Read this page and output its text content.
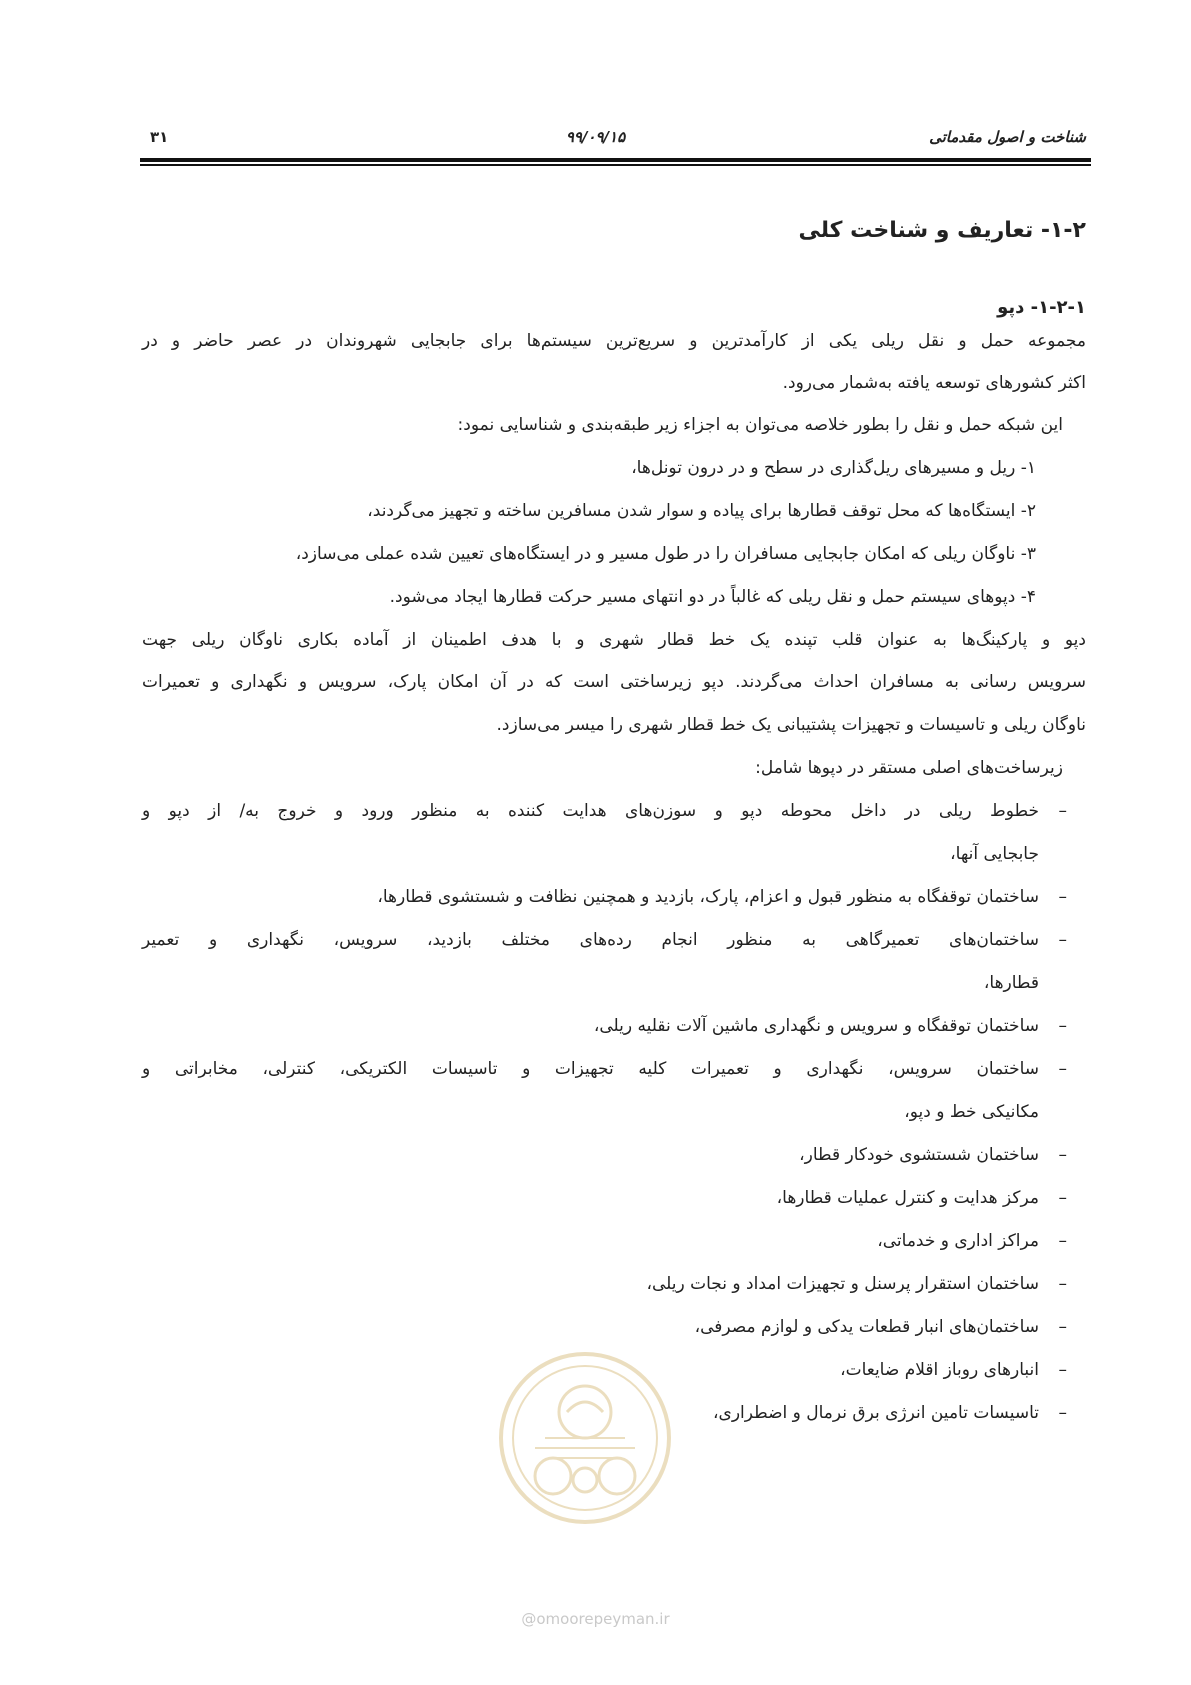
شناخت و اصول مقدماتی
۹۹/۰۹/۱۵
۳۱
۱-۲- تعاریف و شناخت کلی
۱-۲-۱- دپو
مجموعه حمل و نقل ریلی یکی از کارآمدترین و سریع‌ترین سیستم‌ها برای جابجایی شهروندان در عصر حاضر و در
اکثر کشورهای توسعه یافته به‌شمار می‌رود.
این شبکه حمل و نقل را بطور خلاصه می‌توان به اجزاء زیر طبقه‌بندی و شناسایی نمود:
۱- ریل و مسیرهای ریل‌گذاری در سطح و در درون تونل‌ها،
۲- ایستگاه‌ها که محل توقف قطارها برای پیاده و سوار شدن مسافرین ساخته و تجهیز می‌گردند،
۳- ناوگان ریلی که امکان جابجایی مسافران را در طول مسیر و در ایستگاه‌های تعیین شده عملی می‌سازد،
۴- دپوهای سیستم حمل و نقل ریلی که غالباً در دو انتهای مسیر حرکت قطارها ایجاد می‌شود.
دپو و پارکینگ‌ها به عنوان قلب تپنده یک خط قطار شهری و با هدف اطمینان از آماده بکاری ناوگان ریلی جهت
سرویس رسانی به مسافران احداث می‌گردند. دپو زیرساختی است که در آن امکان پارک، سرویس و نگهداری و تعمیرات
ناوگان ریلی و تاسیسات و تجهیزات پشتیبانی یک خط قطار شهری را میسر می‌سازد.
زیرساخت‌های اصلی مستقر در دپوها شامل:
–
خطوط ریلی در داخل محوطه دپو و سوزن‌های هدایت کننده به منظور ورود و خروج به/ از دپو و
جابجایی آنها،
–
ساختمان توقفگاه به منظور قبول و اعزام، پارک، بازدید و همچنین نظافت و شستشوی قطارها،
–
ساختمان‌های تعمیرگاهی به منظور انجام رده‌های مختلف بازدید، سرویس، نگهداری و تعمیر
قطارها،
–
ساختمان توقفگاه و سرویس و نگهداری ماشین آلات نقلیه ریلی،
–
ساختمان سرویس، نگهداری و تعمیرات کلیه تجهیزات و تاسیسات الکتریکی، کنترلی، مخابراتی و
مکانیکی خط و دپو،
–
ساختمان شستشوی خودکار قطار،
–
مرکز هدایت و کنترل عملیات قطارها،
–
مراکز اداری و خدماتی،
–
ساختمان استقرار پرسنل و تجهیزات امداد و نجات ریلی،
–
ساختمان‌های انبار قطعات یدکی و لوازم مصرفی،
–
انبارهای روباز اقلام ضایعات،
–
تاسیسات تامین انرژی برق نرمال و اضطراری،
@omoorepeyman.ir
